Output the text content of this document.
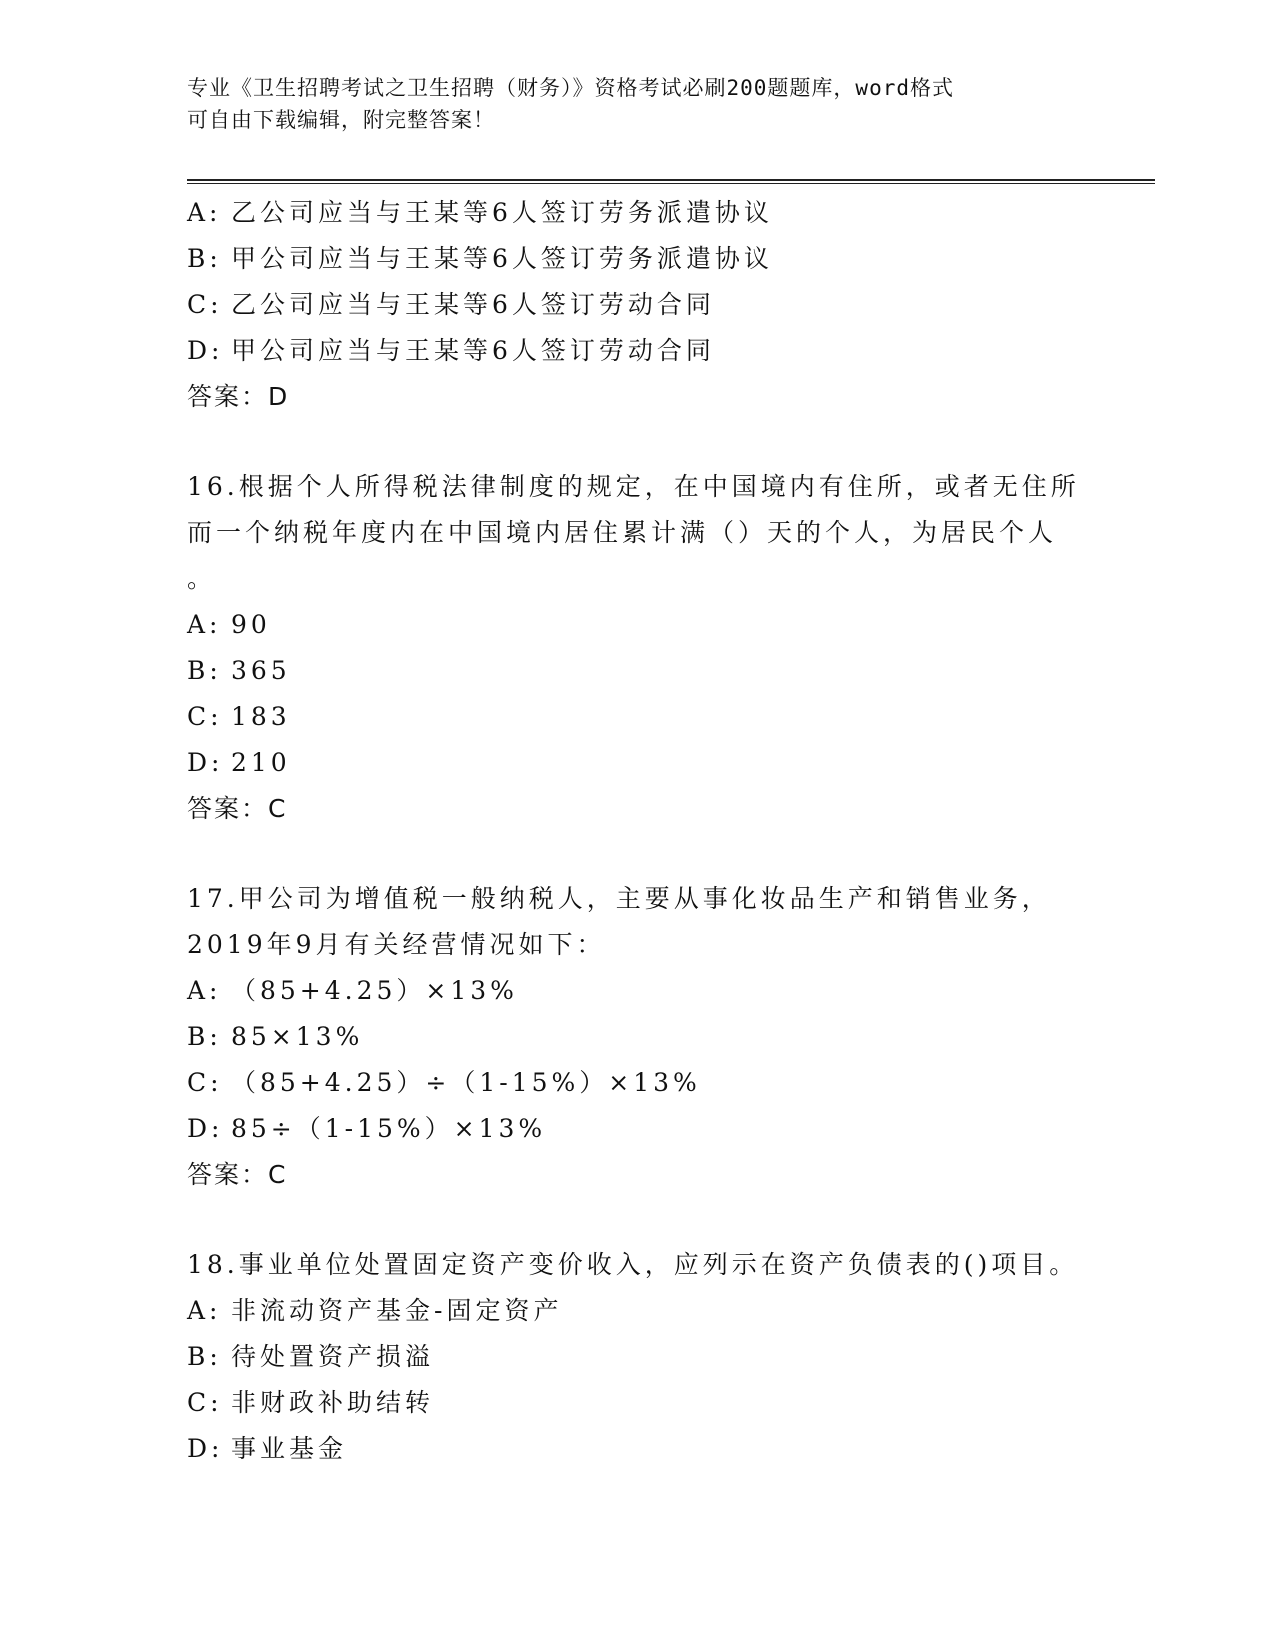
专业《卫生招聘考试之卫生招聘（财务）》资格考试必刷200题题库，word格式
可自由下载编辑，附完整答案！
A: 乙公司应当与王某等6人签订劳务派遣协议
B: 甲公司应当与王某等6人签订劳务派遣协议
C: 乙公司应当与王某等6人签订劳动合同
D: 甲公司应当与王某等6人签订劳动合同
答案：D
16.根据个人所得税法律制度的规定，在中国境内有住所，或者无住所
而一个纳税年度内在中国境内居住累计满（）天的个人，为居民个人
。
A: 90
B: 365
C: 183
D: 210
答案：C
17.甲公司为增值税一般纳税人，主要从事化妆品生产和销售业务，
2019年9月有关经营情况如下：
A: （85+4.25）×13%
B: 85×13%
C: （85+4.25）÷（1-15%）×13%
D: 85÷（1-15%）×13%
答案：C
18.事业单位处置固定资产变价收入，应列示在资产负债表的()项目。
A: 非流动资产基金-固定资产
B: 待处置资产损溢
C: 非财政补助结转
D: 事业基金
